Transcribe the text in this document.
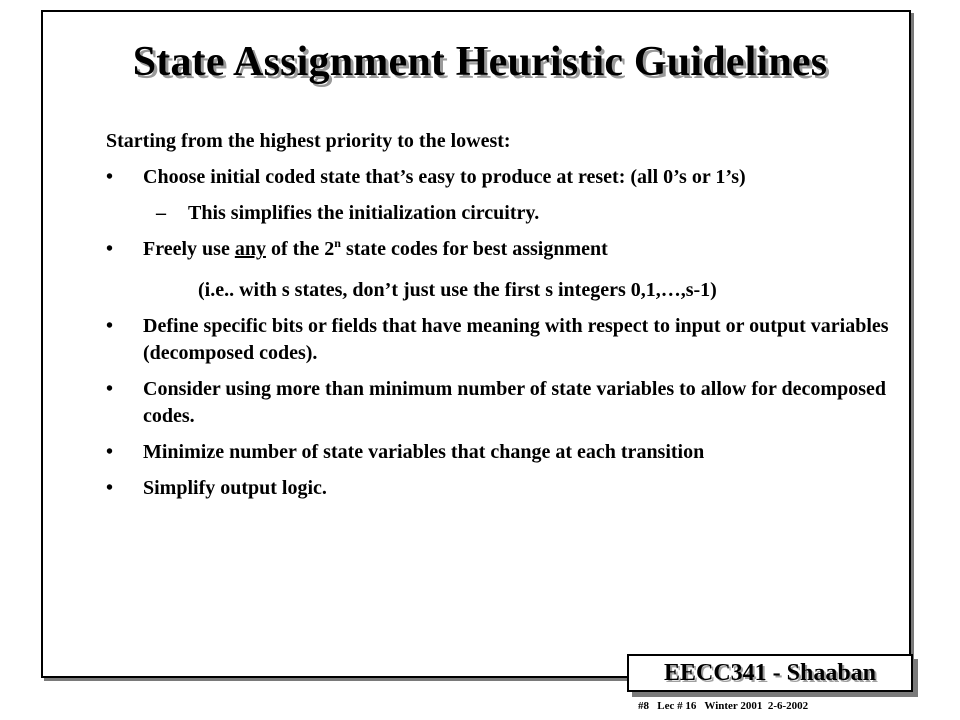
State Assignment Heuristic Guidelines

Starting from the highest priority to the lowest:

•	Choose initial coded state that’s easy to produce at reset: (all 0’s or 1’s)
– This simplifies the initialization circuitry.
•	Freely use any of the 2$^n$ state codes for best assignment

(i.e.. with s states, don’t just use the first s integers 0,1,…,s-1)

•	Define specific bits or fields that have meaning with respect to input or output variables (decomposed codes).
•	Consider using more than minimum number of state variables to allow for decomposed codes.
•	Minimize number of state variables that change at each transition
•	Simplify output logic.
EECC341 - Shaaban
#8   Lec # 16   Winter 2001  2-6-2002
